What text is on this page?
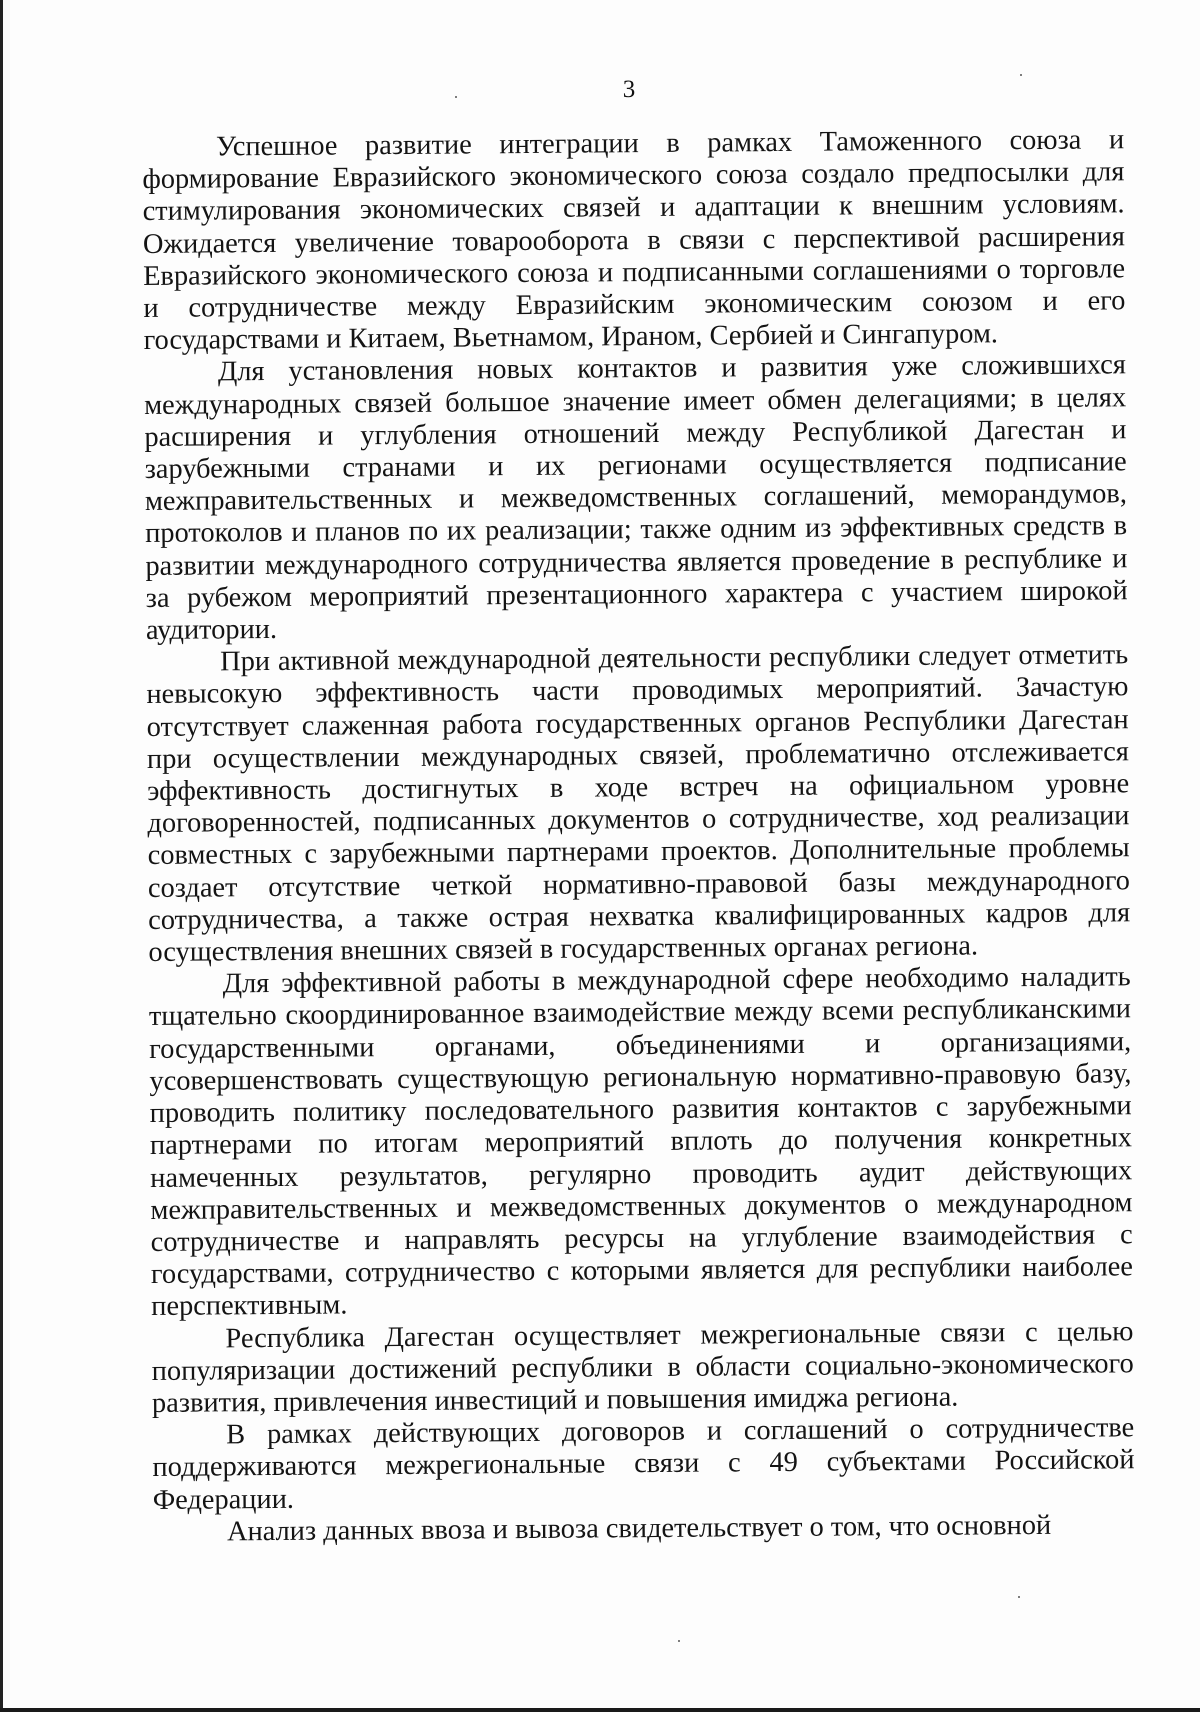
3

Успешное развитие интеграции в рамках Таможенного союза и формирование Евразийского экономического союза создало предпосылки для стимулирования экономических связей и адаптации к внешним условиям. Ожидается увеличение товарооборота в связи с перспективой расширения Евразийского экономического союза и подписанными соглашениями о торговле и сотрудничестве между Евразийским экономическим союзом и его государствами и Китаем, Вьетнамом, Ираном, Сербией и Сингапуром.

Для установления новых контактов и развития уже сложившихся международных связей большое значение имеет обмен делегациями; в целях расширения и углубления отношений между Республикой Дагестан и зарубежными странами и их регионами осуществляется подписание межправительственных и межведомственных соглашений, меморандумов, протоколов и планов по их реализации; также одним из эффективных средств в развитии международного сотрудничества является проведение в республике и за рубежом мероприятий презентационного характера с участием широкой аудитории.

При активной международной деятельности республики следует отметить невысокую эффективность части проводимых мероприятий. Зачастую отсутствует слаженная работа государственных органов Республики Дагестан при осуществлении международных связей, проблематично отслеживается эффективность достигнутых в ходе встреч на официальном уровне договоренностей, подписанных документов о сотрудничестве, ход реализации совместных с зарубежными партнерами проектов. Дополнительные проблемы создает отсутствие четкой нормативно-правовой базы международного сотрудничества, а также острая нехватка квалифицированных кадров для осуществления внешних связей в государственных органах региона.

Для эффективной работы в международной сфере необходимо наладить тщательно скоординированное взаимодействие между всеми республиканскими государственными органами, объединениями и организациями, усовершенствовать существующую региональную нормативно-правовую базу, проводить политику последовательного развития контактов с зарубежными партнерами по итогам мероприятий вплоть до получения конкретных намеченных результатов, регулярно проводить аудит действующих межправительственных и межведомственных документов о международном сотрудничестве и направлять ресурсы на углубление взаимодействия с государствами, сотрудничество с которыми является для республики наиболее перспективным.

Республика Дагестан осуществляет межрегиональные связи с целью популяризации достижений республики в области социально-экономического развития, привлечения инвестиций и повышения имиджа региона.

В рамках действующих договоров и соглашений о сотрудничестве поддерживаются межрегиональные связи с 49 субъектами Российской Федерации.

Анализ данных ввоза и вывоза свидетельствует о том, что основной
